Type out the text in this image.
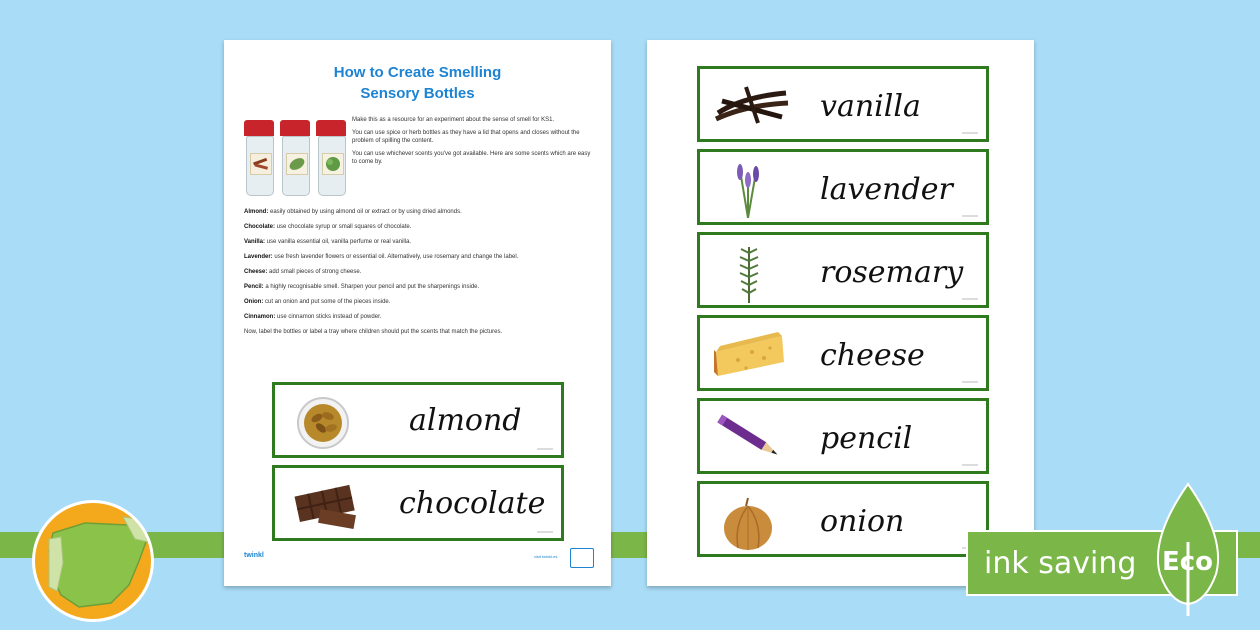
How to Create Smelling
Sensory Bottles

Make this as a resource for an experiment about the sense of smell for KS1.

You can use spice or herb bottles as they have a lid that opens and closes without the problem of spilling the content.

You can use whichever scents you've got available. Here are some scents which are easy to come by.

Almond: easily obtained by using almond oil or extract or by using dried almonds.

Chocolate: use chocolate syrup or small squares of chocolate.

Vanilla: use vanilla essential oil, vanilla perfume or real vanilla.

Lavender: use fresh lavender flowers or essential oil. Alternatively, use rosemary and change the label.

Cheese: add small pieces of strong cheese.

Pencil: a highly recognisable smell. Sharpen your pencil and put the sharpenings inside.

Onion: cut an onion and put some of the pieces inside.

Cinnamon: use cinnamon sticks instead of powder.

Now, label the bottles or label a tray where children should put the scents that match the pictures.

almond
chocolate
twinkl	visit twinkl.es
vanilla
lavender
rosemary
cheese
pencil
onion
ink saving Eco
